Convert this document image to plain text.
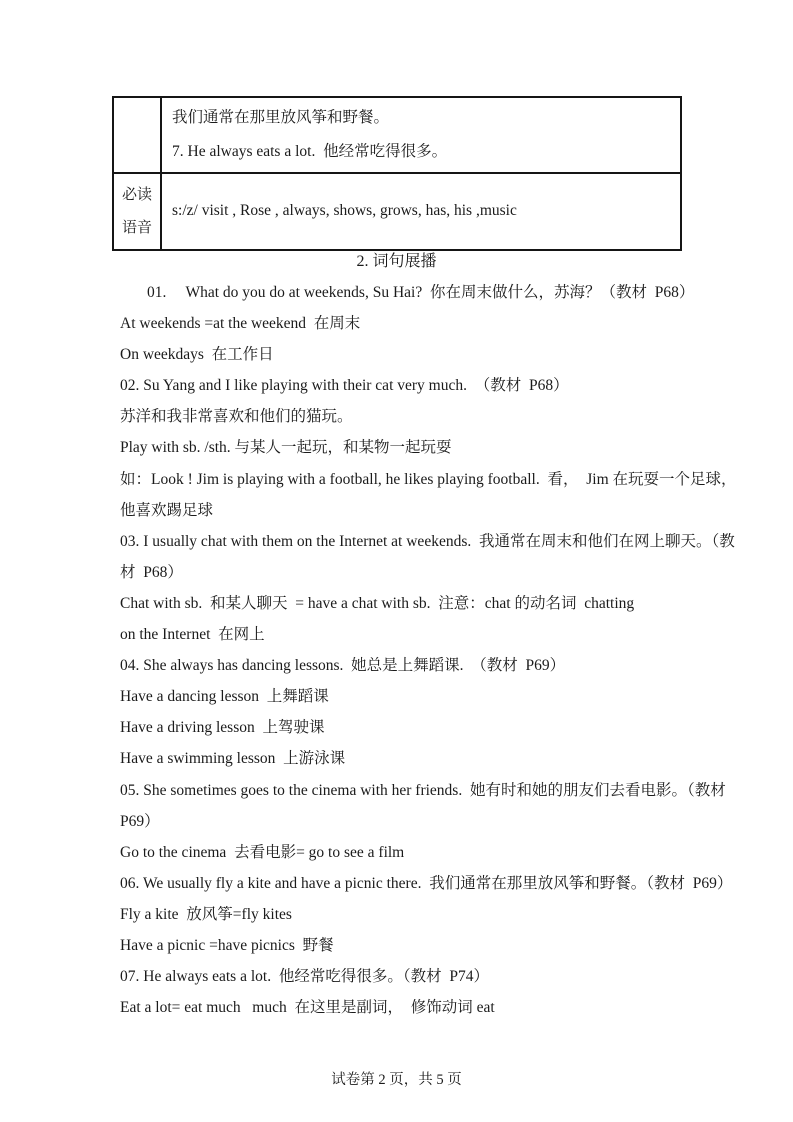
	我们通常在那里放风筝和野餐。
7. He always eats a lot.  他经常吃得很多。

必读
语音	s:/z/ visit , Rose , always, shows, grows, has, his ,music
2. 词句展播

01.     What do you do at weekends, Su Hai?  你在周末做什么，苏海？（教材  P68）

At weekends =at the weekend  在周末

On weekdays  在工作日

02. Su Yang and I like playing with their cat very much.  （教材  P68）

苏洋和我非常喜欢和他们的猫玩。

Play with sb. /sth. 与某人一起玩，和某物一起玩耍

如：Look ! Jim is playing with a football, he likes playing football.  看，  Jim 在玩耍一个足球，

他喜欢踢足球

03. I usually chat with them on the Internet at weekends.  我通常在周末和他们在网上聊天。（教

材  P68）

Chat with sb.  和某人聊天  = have a chat with sb.  注意：chat 的动名词  chatting

on the Internet  在网上

04. She always has dancing lessons.  她总是上舞蹈课.  （教材  P69）

Have a dancing lesson  上舞蹈课

Have a driving lesson  上驾驶课

Have a swimming lesson  上游泳课

05. She sometimes goes to the cinema with her friends.  她有时和她的朋友们去看电影。（教材

P69）

Go to the cinema  去看电影= go to see a film

06. We usually fly a kite and have a picnic there.  我们通常在那里放风筝和野餐。（教材  P69）

Fly a kite  放风筝=fly kites

Have a picnic =have picnics  野餐

07. He always eats a lot.  他经常吃得很多。（教材  P74）

Eat a lot= eat much   much  在这里是副词，  修饰动词 eat

试卷第 2 页，共 5 页
